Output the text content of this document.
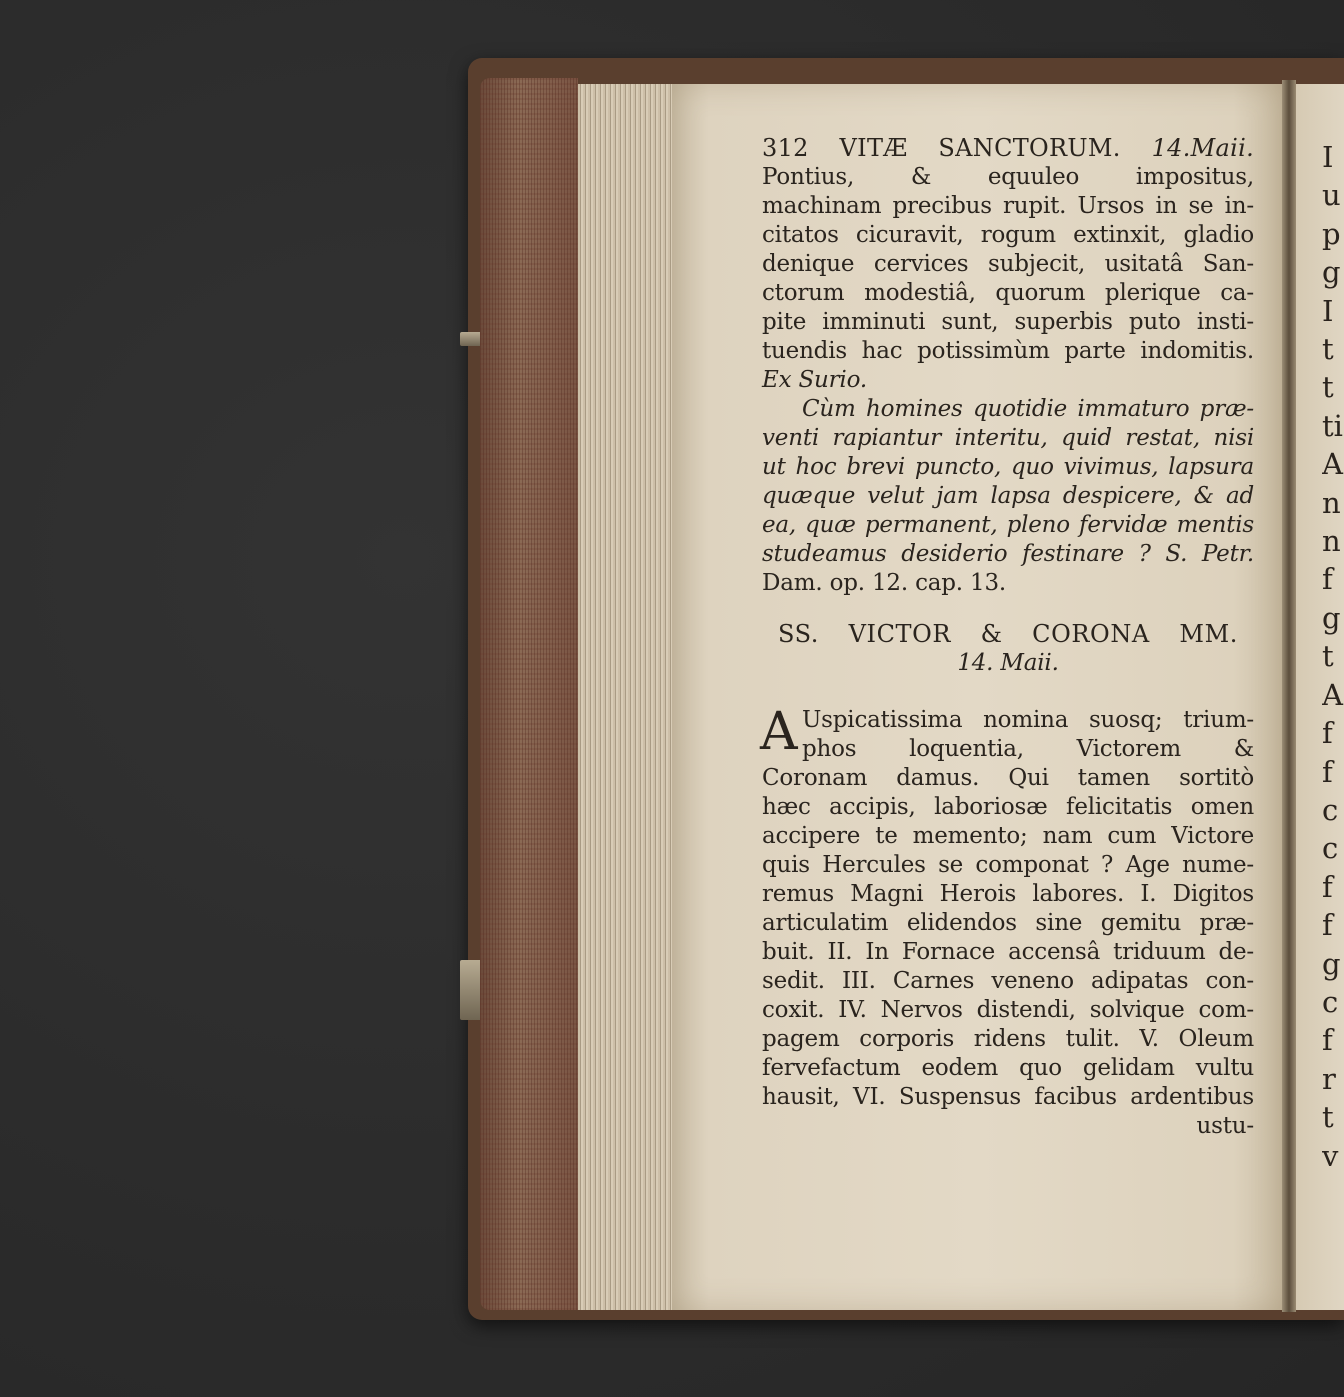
I
u
p
g
I
t
t
ti
A
n
n
f
g
t
A
f
f
c
c
f
f
g
c
f
r
t
v
312 VITÆ SANCTORUM. 14.Maii.
Pontius, & equuleo impositus,
machinam precibus rupit. Ursos in se in-
citatos cicuravit, rogum extinxit, gladio
denique cervices subjecit, usitatâ San-
ctorum modestiâ, quorum plerique ca-
pite imminuti sunt, superbis puto insti-
tuendis hac potissimùm parte indomitis.
Ex Surio.
Cùm homines quotidie immaturo præ-
venti rapiantur interitu, quid restat, nisi
ut hoc brevi puncto, quo vivimus, lapsura
quæque velut jam lapsa despicere, & ad
ea, quæ permanent, pleno fervidæ mentis
studeamus desiderio festinare ? S. Petr.
Dam. op. 12. cap. 13.
SS. VICTOR & CORONA MM.
14. Maii.
A Uspicatissima nomina suosq; trium-
phos loquentia, Victorem &
Coronam damus. Qui tamen sortitò
hæc accipis, laboriosæ felicitatis omen
accipere te memento; nam cum Victore
quis Hercules se componat ? Age nume-
remus Magni Herois labores. I. Digitos
articulatim elidendos sine gemitu præ-
buit. II. In Fornace accensâ triduum de-
sedit. III. Carnes veneno adipatas con-
coxit. IV. Nervos distendi, solvique com-
pagem corporis ridens tulit. V. Oleum
fervefactum eodem quo gelidam vultu
hausit, VI. Suspensus facibus ardentibus
ustu-
